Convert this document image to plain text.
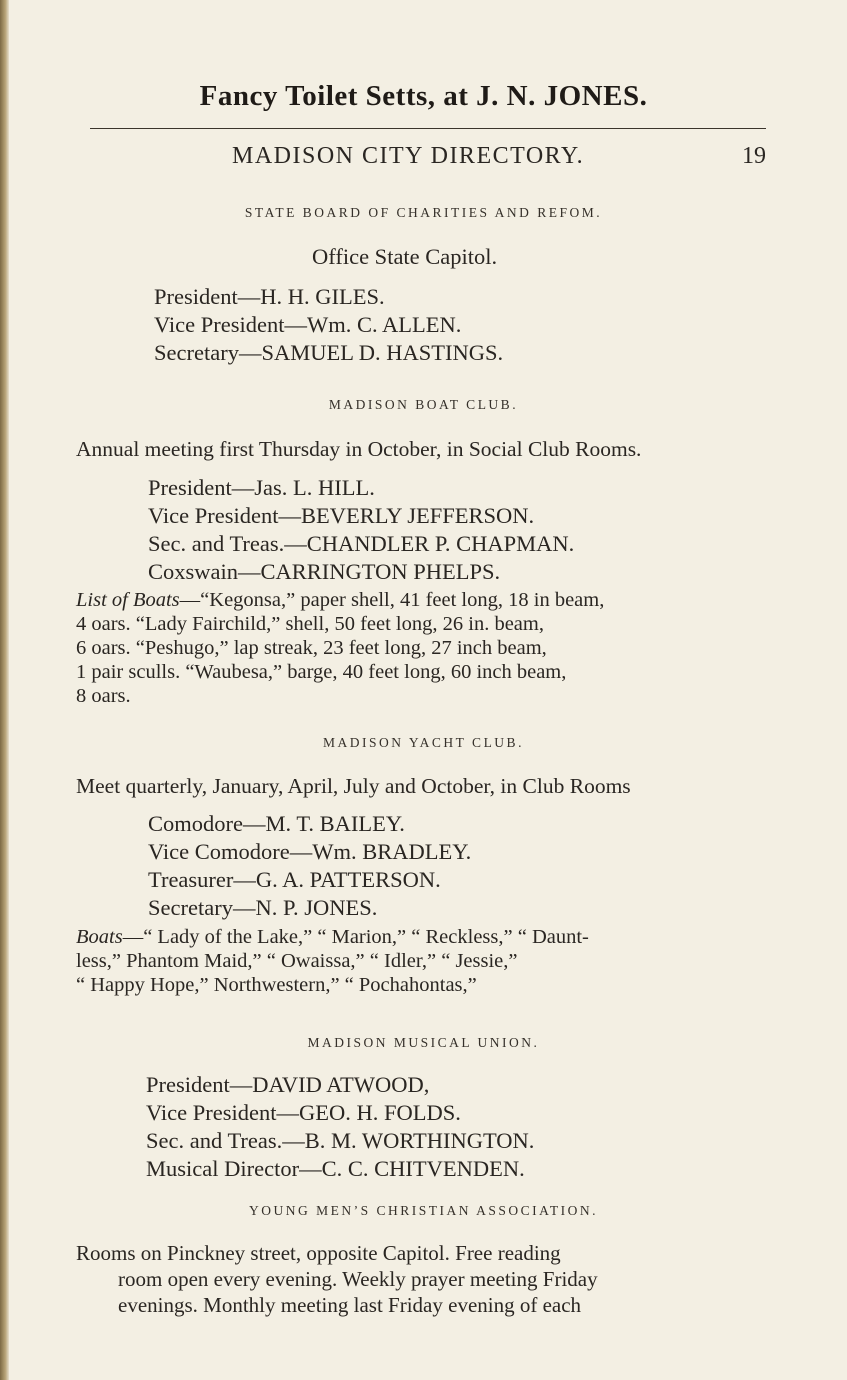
Fancy Toilet Setts, at J. N. JONES.
MADISON CITY DIRECTORY.	19
STATE BOARD OF CHARITIES AND REFOM.
Office State Capitol.
President—H. H. GILES.
Vice President—Wm. C. ALLEN.
Secretary—SAMUEL D. HASTINGS.
MADISON BOAT CLUB.
Annual meeting first Thursday in October, in Social Club Rooms.
President—Jas. L. HILL.
Vice President—BEVERLY JEFFERSON.
Sec. and Treas.—CHANDLER P. CHAPMAN.
Coxswain—CARRINGTON PHELPS.
List of Boats—“Kegonsa,” paper shell, 41 feet long, 18 in beam,
4 oars. “Lady Fairchild,” shell, 50 feet long, 26 in. beam,
6 oars. “Peshugo,” lap streak, 23 feet long, 27 inch beam,
1 pair sculls. “Waubesa,” barge, 40 feet long, 60 inch beam,
8 oars.
MADISON YACHT CLUB.
Meet quarterly, January, April, July and October, in Club Rooms
Comodore—M. T. BAILEY.
Vice Comodore—Wm. BRADLEY.
Treasurer—G. A. PATTERSON.
Secretary—N. P. JONES.
Boats—“ Lady of the Lake,” “ Marion,” “ Reckless,” “ Daunt-
less,” Phantom Maid,” “ Owaissa,” “ Idler,” “ Jessie,”
“ Happy Hope,” Northwestern,” “ Pochahontas,”
MADISON MUSICAL UNION.
President—DAVID ATWOOD,
Vice President—GEO. H. FOLDS.
Sec. and Treas.—B. M. WORTHINGTON.
Musical Director—C. C. CHITVENDEN.
YOUNG MEN’S CHRISTIAN ASSOCIATION.
Rooms on Pinckney street, opposite Capitol. Free reading
room open every evening. Weekly prayer meeting Friday
evenings. Monthly meeting last Friday evening of each
